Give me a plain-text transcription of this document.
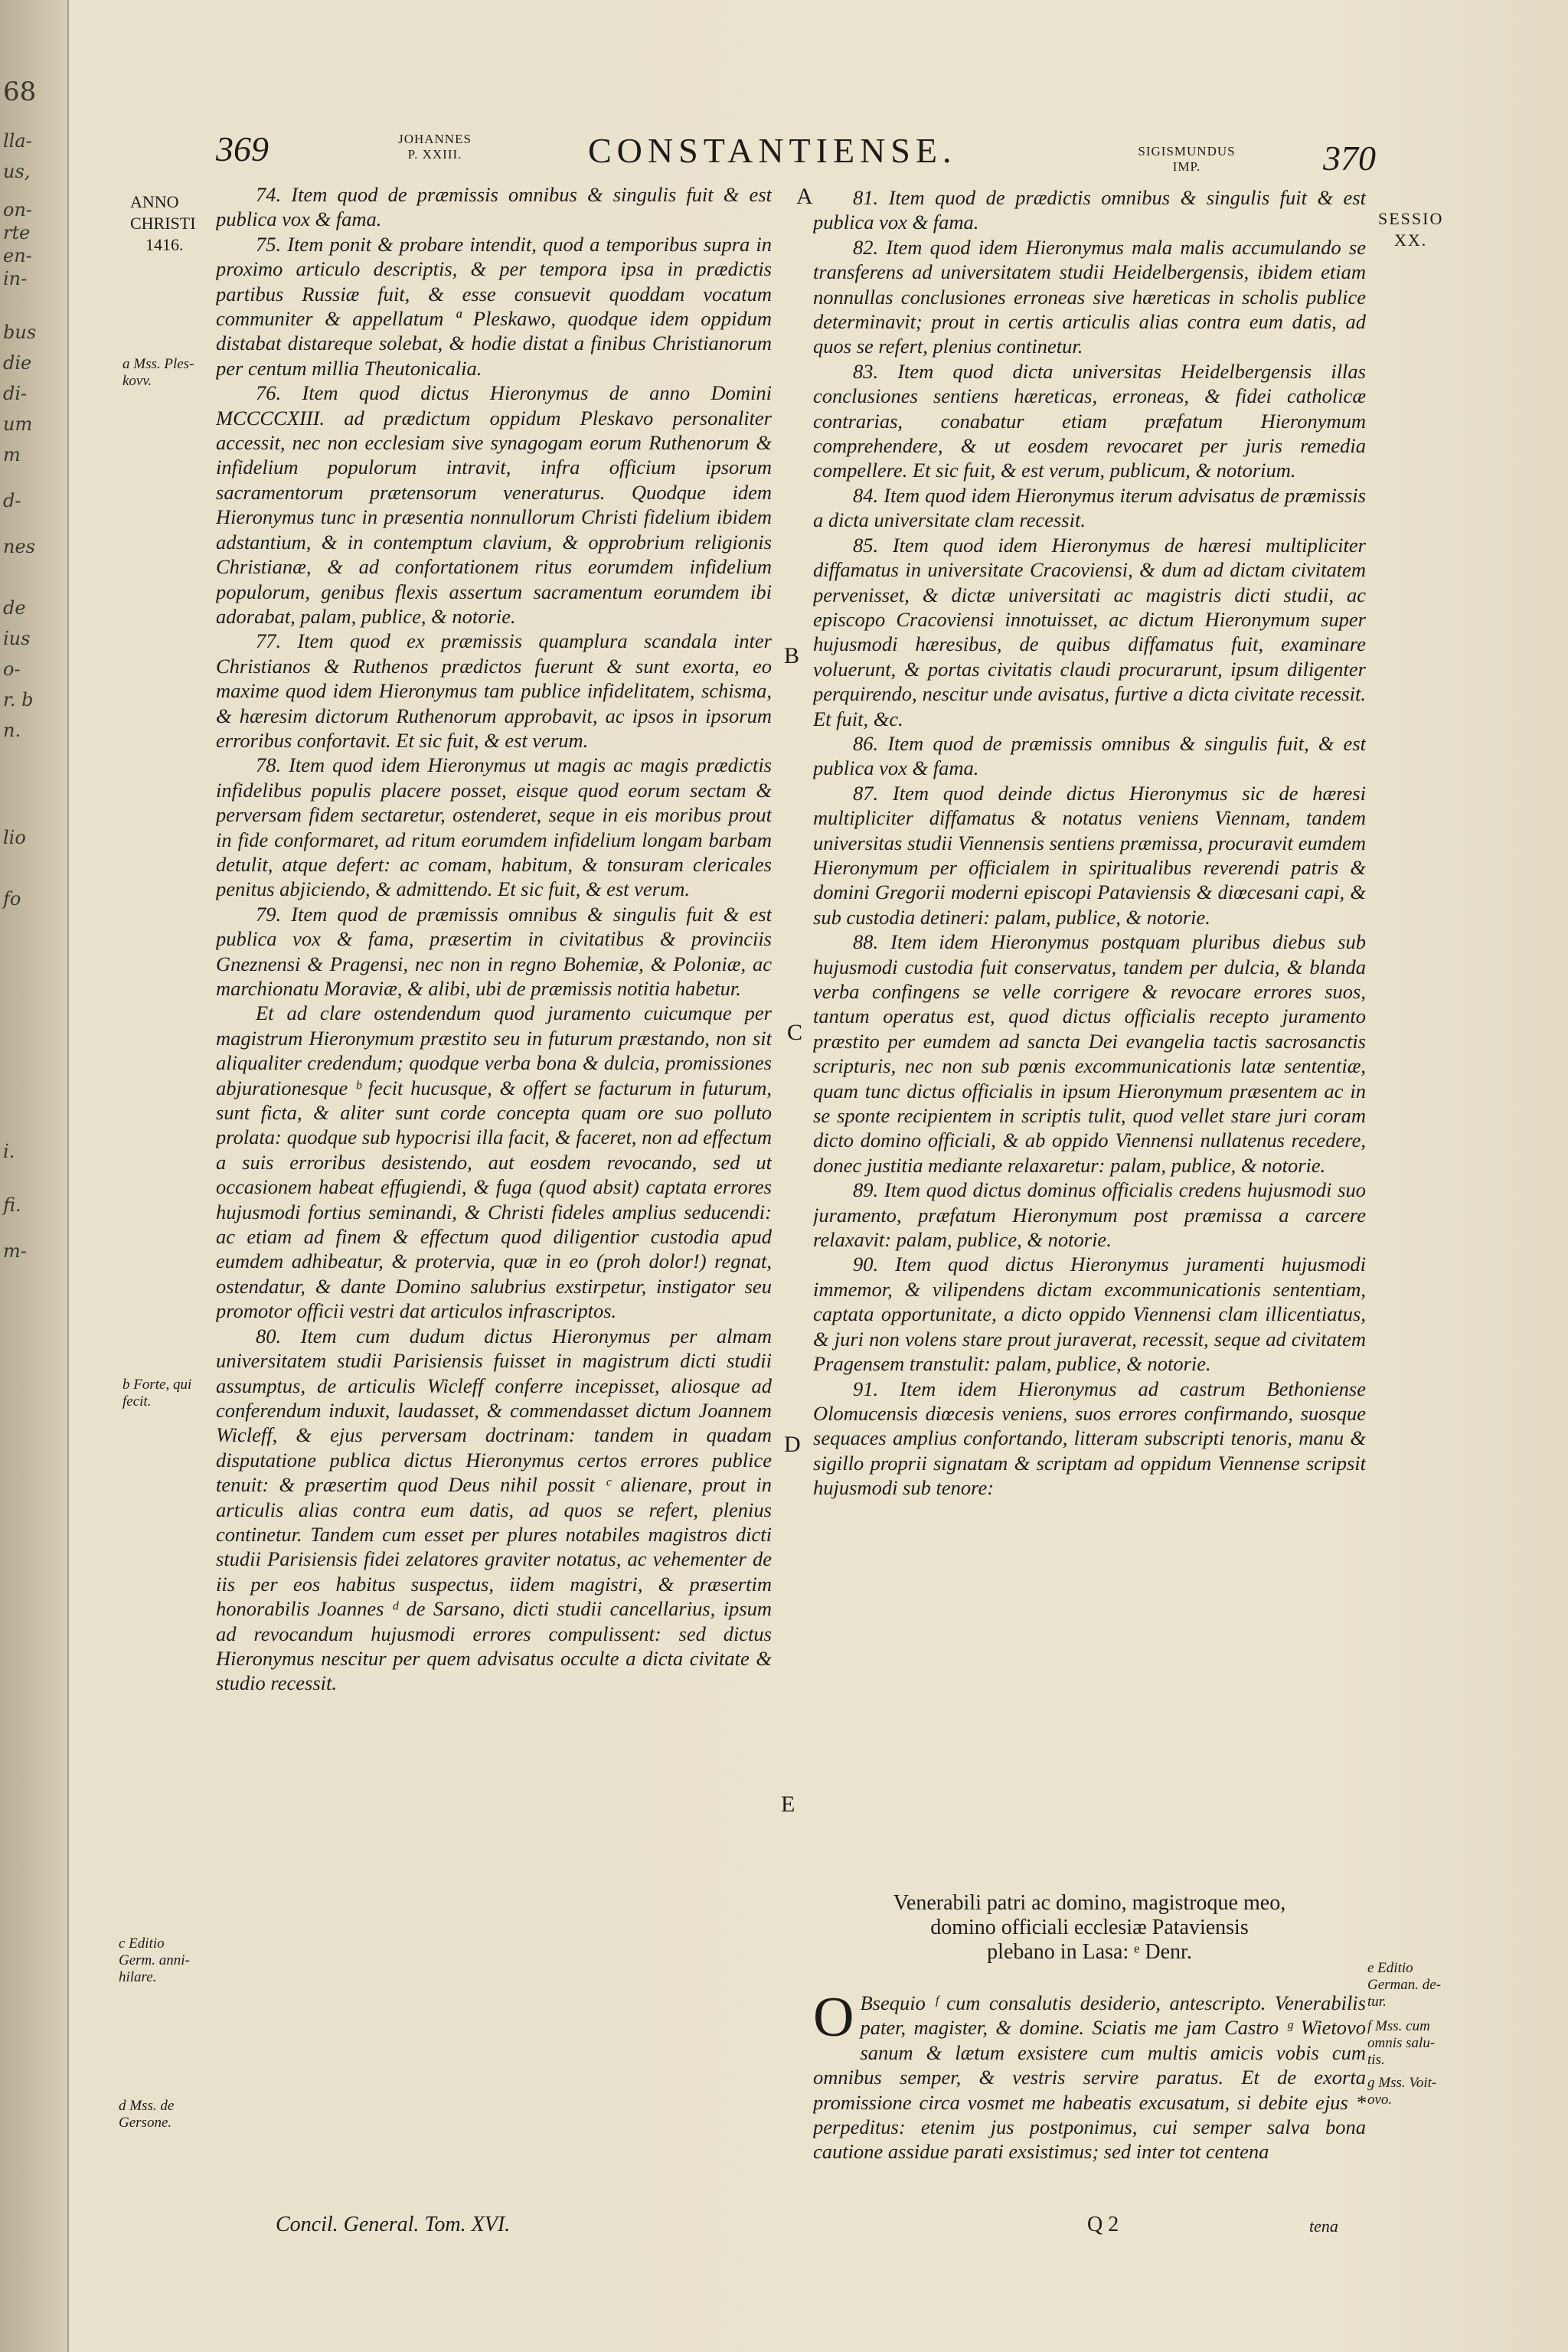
68
lla-
us,
on-
rte
en-
in-
bus
die
di-
um
m
d-
nes
de
ius
o-
r. b
n.
lio
fo
i.
fi.
m-
369	JOHANNES
P. XXIII.	CONSTANTIENSE.	SIGISMUNDUS
IMP.	370
ANNO
CHRISTI
1416.
SESSIO
XX.
a Mss. Ples-
kovv.
b Forte, qui
fecit.
c Editio
Germ. anni-
hilare.
d Mss. de
Gersone.
e Editio
German. de-
tur.
f Mss. cum
omnis salu-
tis.
g Mss. Voit-
ovo.
A
B
C
D
E

74. Item quod de præmissis omnibus & singulis fuit & est publica vox & fama.

75. Item ponit & probare intendit, quod a temporibus supra in proximo articulo descriptis, & per tempora ipsa in prædictis partibus Russiæ fuit, & esse consuevit quoddam vocatum communiter & appellatum ª Pleskawo, quodque idem oppidum distabat distareque solebat, & hodie distat a finibus Christianorum per centum millia Theutonicalia.

76. Item quod dictus Hieronymus de anno Domini MCCCCXIII. ad prædictum oppidum Pleskavo personaliter accessit, nec non ecclesiam sive synagogam eorum Ruthenorum & infidelium populorum intravit, infra officium ipsorum sacramentorum prætensorum veneraturus. Quodque idem Hieronymus tunc in præsentia nonnullorum Christi fidelium ibidem adstantium, & in contemptum clavium, & opprobrium religionis Christianæ, & ad confortationem ritus eorumdem infidelium populorum, genibus flexis assertum sacramentum eorumdem ibi adorabat, palam, publice, & notorie.

77. Item quod ex præmissis quamplura scandala inter Christianos & Ruthenos prædictos fuerunt & sunt exorta, eo maxime quod idem Hieronymus tam publice infidelitatem, schisma, & hæresim dictorum Ruthenorum approbavit, ac ipsos in ipsorum erroribus confortavit. Et sic fuit, & est verum.

78. Item quod idem Hieronymus ut magis ac magis prædictis infidelibus populis placere posset, eisque quod eorum sectam & perversam fidem sectaretur, ostenderet, seque in eis moribus prout in fide conformaret, ad ritum eorumdem infidelium longam barbam detulit, atque defert: ac comam, habitum, & tonsuram clericales penitus abjiciendo, & admittendo. Et sic fuit, & est verum.

79. Item quod de præmissis omnibus & singulis fuit & est publica vox & fama, præsertim in civitatibus & provinciis Gneznensi & Pragensi, nec non in regno Bohemiæ, & Poloniæ, ac marchionatu Moraviæ, & alibi, ubi de præmissis notitia habetur.

Et ad clare ostendendum quod juramento cuicumque per magistrum Hieronymum præstito seu in futurum præstando, non sit aliqualiter credendum; quodque verba bona & dulcia, promissiones abjurationesque ᵇ fecit hucusque, & offert se facturum in futurum, sunt ficta, & aliter sunt corde concepta quam ore suo polluto prolata: quodque sub hypocrisi illa facit, & faceret, non ad effectum a suis erroribus desistendo, aut eosdem revocando, sed ut occasionem habeat effugiendi, & fuga (quod absit) captata errores hujusmodi fortius seminandi, & Christi fideles amplius seducendi: ac etiam ad finem & effectum quod diligentior custodia apud eumdem adhibeatur, & protervia, quæ in eo (proh dolor!) regnat, ostendatur, & dante Domino salubrius exstirpetur, instigator seu promotor officii vestri dat articulos infrascriptos.

80. Item cum dudum dictus Hieronymus per almam universitatem studii Parisiensis fuisset in magistrum dicti studii assumptus, de articulis Wicleff conferre incepisset, aliosque ad conferendum induxit, laudasset, & commendasset dictum Joannem Wicleff, & ejus perversam doctrinam: tandem in quadam disputatione publica dictus Hieronymus certos errores publice tenuit: & præsertim quod Deus nihil possit ᶜ alienare, prout in articulis alias contra eum datis, ad quos se refert, plenius continetur. Tandem cum esset per plures notabiles magistros dicti studii Parisiensis fidei zelatores graviter notatus, ac vehementer de iis per eos habitus suspectus, iidem magistri, & præsertim honorabilis Joannes ᵈ de Sarsano, dicti studii cancellarius, ipsum ad revocandum hujusmodi errores compulissent: sed dictus Hieronymus nescitur per quem advisatus occulte a dicta civitate & studio recessit.

81. Item quod de prædictis omnibus & singulis fuit & est publica vox & fama.

82. Item quod idem Hieronymus mala malis accumulando se transferens ad universitatem studii Heidelbergensis, ibidem etiam nonnullas conclusiones erroneas sive hæreticas in scholis publice determinavit; prout in certis articulis alias contra eum datis, ad quos se refert, plenius continetur.

83. Item quod dicta universitas Heidelbergensis illas conclusiones sentiens hæreticas, erroneas, & fidei catholicæ contrarias, conabatur etiam præfatum Hieronymum comprehendere, & ut eosdem revocaret per juris remedia compellere. Et sic fuit, & est verum, publicum, & notorium.

84. Item quod idem Hieronymus iterum advisatus de præmissis a dicta universitate clam recessit.

85. Item quod idem Hieronymus de hæresi multipliciter diffamatus in universitate Cracoviensi, & dum ad dictam civitatem pervenisset, & dictæ universitati ac magistris dicti studii, ac episcopo Cracoviensi innotuisset, ac dictum Hieronymum super hujusmodi hæresibus, de quibus diffamatus fuit, examinare voluerunt, & portas civitatis claudi procurarunt, ipsum diligenter perquirendo, nescitur unde avisatus, furtive a dicta civitate recessit. Et fuit, &c.

86. Item quod de præmissis omnibus & singulis fuit, & est publica vox & fama.

87. Item quod deinde dictus Hieronymus sic de hæresi multipliciter diffamatus & notatus veniens Viennam, tandem universitas studii Viennensis sentiens præmissa, procuravit eumdem Hieronymum per officialem in spiritualibus reverendi patris & domini Gregorii moderni episcopi Pataviensis & diœcesani capi, & sub custodia detineri: palam, publice, & notorie.

88. Item idem Hieronymus postquam pluribus diebus sub hujusmodi custodia fuit conservatus, tandem per dulcia, & blanda verba confingens se velle corrigere & revocare errores suos, tantum operatus est, quod dictus officialis recepto juramento præstito per eumdem ad sancta Dei evangelia tactis sacrosanctis scripturis, nec non sub pœnis excommunicationis latæ sententiæ, quam tunc dictus officialis in ipsum Hieronymum præsentem ac in se sponte recipientem in scriptis tulit, quod vellet stare juri coram dicto domino officiali, & ab oppido Viennensi nullatenus recedere, donec justitia mediante relaxaretur: palam, publice, & notorie.

89. Item quod dictus dominus officialis credens hujusmodi suo juramento, præfatum Hieronymum post præmissa a carcere relaxavit: palam, publice, & notorie.

90. Item quod dictus Hieronymus juramenti hujusmodi immemor, & vilipendens dictam excommunicationis sententiam, captata opportunitate, a dicto oppido Viennensi clam illicentiatus, & juri non volens stare prout juraverat, recessit, seque ad civitatem Pragensem transtulit: palam, publice, & notorie.

91. Item idem Hieronymus ad castrum Bethoniense Olomucensis diœcesis veniens, suos errores confirmando, suosque sequaces amplius confortando, litteram subscripti tenoris, manu & sigillo proprii signatam & scriptam ad oppidum Viennense scripsit hujusmodi sub tenore:

Venerabili patri ac domino, magistroque meo,
domino officiali ecclesiæ Pataviensis
plebano in Lasa: ᵉ Denr.
O Bsequio ᶠ cum consalutis desiderio, antescripto. Venerabilis pater, magister, & domine. Sciatis me jam Castro ᵍ Wietovo sanum & lætum exsistere cum multis amicis vobis cum omnibus semper, & vestris servire paratus. Et de exorta promissione circa vosmet me habeatis excusatum, si debite ejus * perpeditus: etenim jus postponimus, cui semper salva bona cautione assidue parati exsistimus; sed inter tot centena

Concil. General. Tom. XVI.	Q 2	tena
